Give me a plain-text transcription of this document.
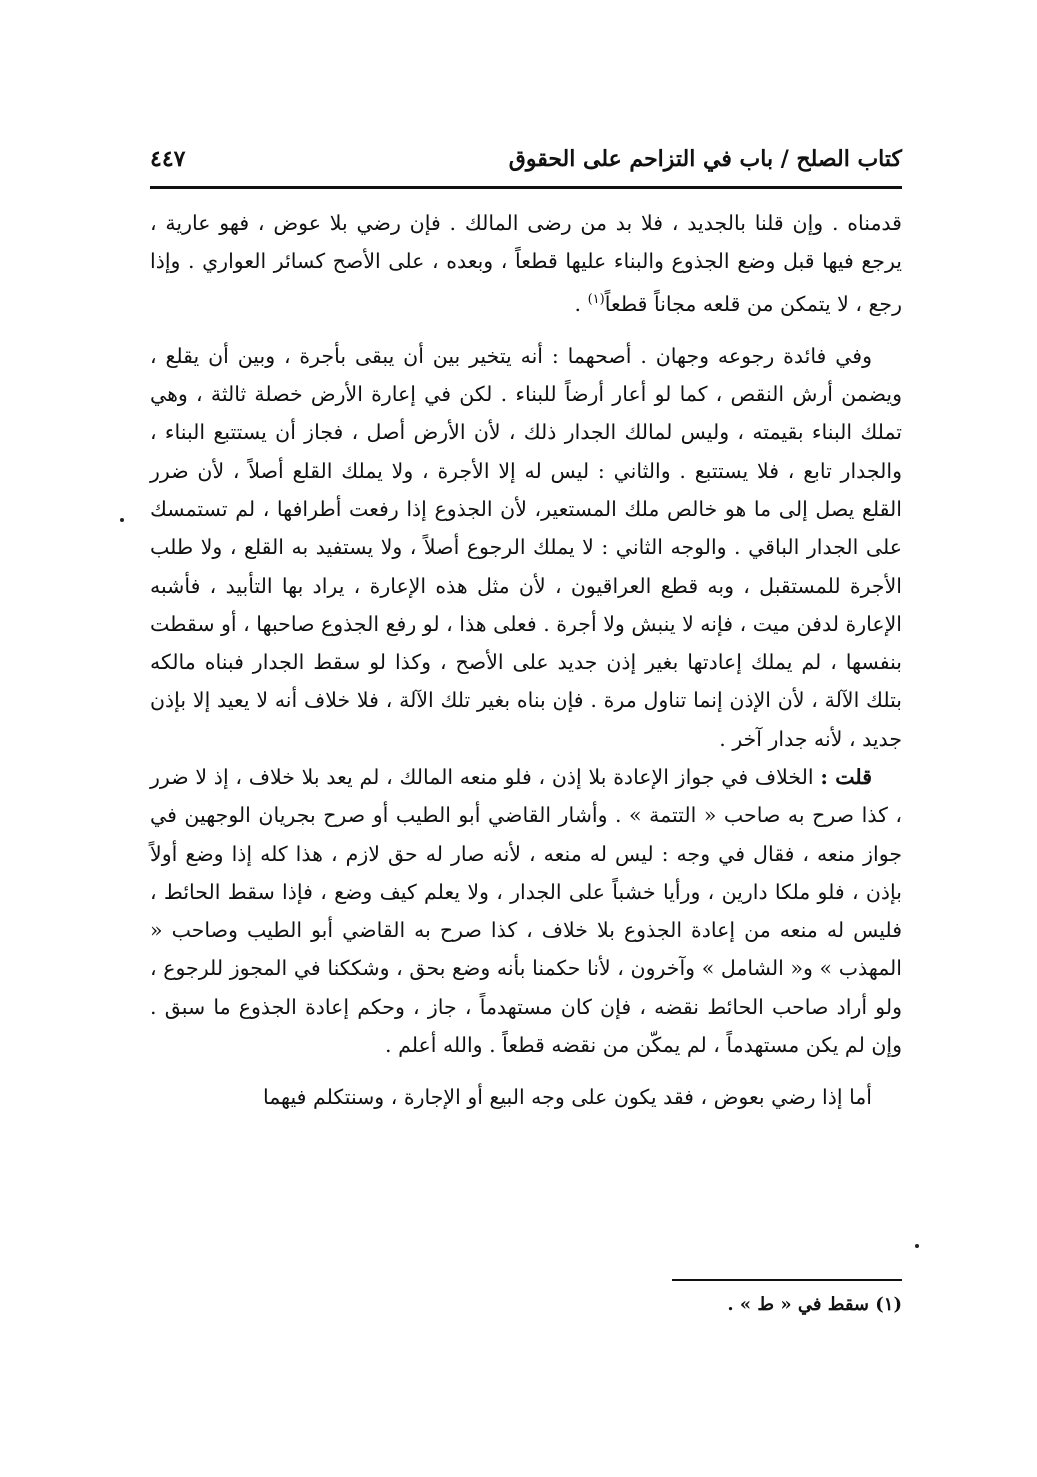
كتاب الصلح / باب في التزاحم على الحقوق
٤٤٧

قدمناه . وإن قلنا بالجديد ، فلا بد من رضى المالك . فإن رضي بلا عوض ، فهو عارية ، يرجع فيها قبل وضع الجذوع والبناء عليها قطعاً ، وبعده ، على الأصح كسائر العواري . وإذا رجع ، لا يتمكن من قلعه مجاناً قطعاً$^{(١)}$ .

وفي فائدة رجوعه وجهان . أصحهما : أنه يتخير بين أن يبقى بأجرة ، وبين أن يقلع ، ويضمن أرش النقص ، كما لو أعار أرضاً للبناء . لكن في إعارة الأرض خصلة ثالثة ، وهي تملك البناء بقيمته ، وليس لمالك الجدار ذلك ، لأن الأرض أصل ، فجاز أن يستتبع البناء ، والجدار تابع ، فلا يستتبع . والثاني : ليس له إلا الأجرة ، ولا يملك القلع أصلاً ، لأن ضرر القلع يصل إلى ما هو خالص ملك المستعير، لأن الجذوع إذا رفعت أطرافها ، لم تستمسك على الجدار الباقي . والوجه الثاني : لا يملك الرجوع أصلاً ، ولا يستفيد به القلع ، ولا طلب الأجرة للمستقبل ، وبه قطع العراقيون ، لأن مثل هذه الإعارة ، يراد بها التأبيد ، فأشبه الإعارة لدفن ميت ، فإنه لا ينبش ولا أجرة . فعلى هذا ، لو رفع الجذوع صاحبها ، أو سقطت بنفسها ، لم يملك إعادتها بغير إذن جديد على الأصح ، وكذا لو سقط الجدار فبناه مالكه بتلك الآلة ، لأن الإذن إنما تناول مرة . فإن بناه بغير تلك الآلة ، فلا خلاف أنه لا يعيد إلا بإذن جديد ، لأنه جدار آخر .

قلت : الخلاف في جواز الإعادة بلا إذن ، فلو منعه المالك ، لم يعد بلا خلاف ، إذ لا ضرر ، كذا صرح به صاحب « التتمة » . وأشار القاضي أبو الطيب أو صرح بجريان الوجهين في جواز منعه ، فقال في وجه : ليس له منعه ، لأنه صار له حق لازم ، هذا كله إذا وضع أولاً بإذن ، فلو ملكا دارين ، ورأيا خشباً على الجدار ، ولا يعلم كيف وضع ، فإذا سقط الحائط ، فليس له منعه من إعادة الجذوع بلا خلاف ، كذا صرح به القاضي أبو الطيب وصاحب « المهذب » و« الشامل » وآخرون ، لأنا حكمنا بأنه وضع بحق ، وشككنا في المجوز للرجوع ، ولو أراد صاحب الحائط نقضه ، فإن كان مستهدماً ، جاز ، وحكم إعادة الجذوع ما سبق . وإن لم يكن مستهدماً ، لم يمكّن من نقضه قطعاً . والله أعلم .

أما إذا رضي بعوض ، فقد يكون على وجه البيع أو الإجارة ، وسنتكلم فيهما

(١) سقط في « ط » .
